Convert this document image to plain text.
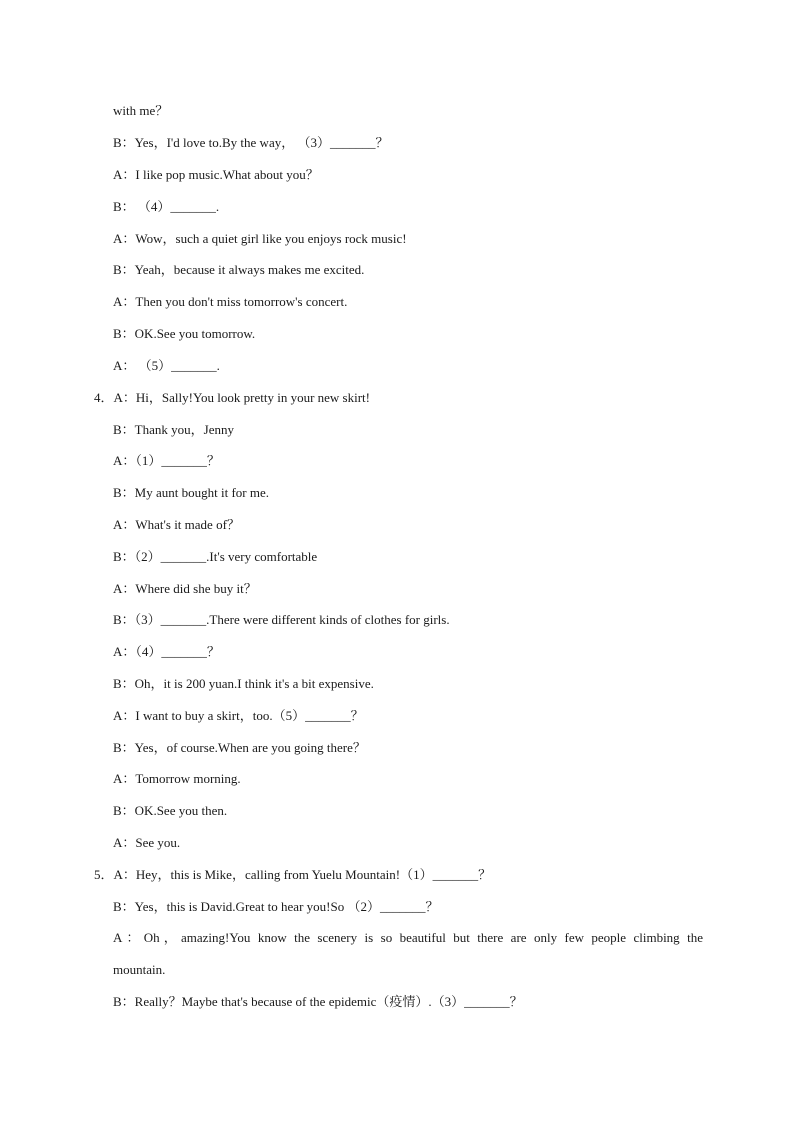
with me？
B：Yes，I'd love to.By the way， （3）_______？
A：I like pop music.What about you？
B： （4）_______.
A：Wow，such a quiet girl like you enjoys rock music!
B：Yeah，because it always makes me excited.
A：Then you don't miss tomorrow's concert.
B：OK.See you tomorrow.
A： （5）_______.
4．A：Hi，Sally!You look pretty in your new skirt!
B：Thank you，Jenny
A：（1）_______？
B：My aunt bought it for me.
A：What's it made of？
B：（2）_______.It's very comfortable
A：Where did she buy it？
B：（3）_______.There were different kinds of clothes for girls.
A：（4）_______？
B：Oh，it is 200 yuan.I think it's a bit expensive.
A：I want to buy a skirt，too.（5）_______？
B：Yes，of course.When are you going there？
A：Tomorrow morning.
B：OK.See you then.
A：See you.
5．A：Hey，this is Mike，calling from Yuelu Mountain!（1）_______？
B：Yes，this is David.Great to hear you!So （2）_______？
A：Oh，amazing!You know the scenery is so beautiful but there are only few people climbing the
mountain.
B：Really？Maybe that's because of the epidemic（疫情）.（3）_______？
